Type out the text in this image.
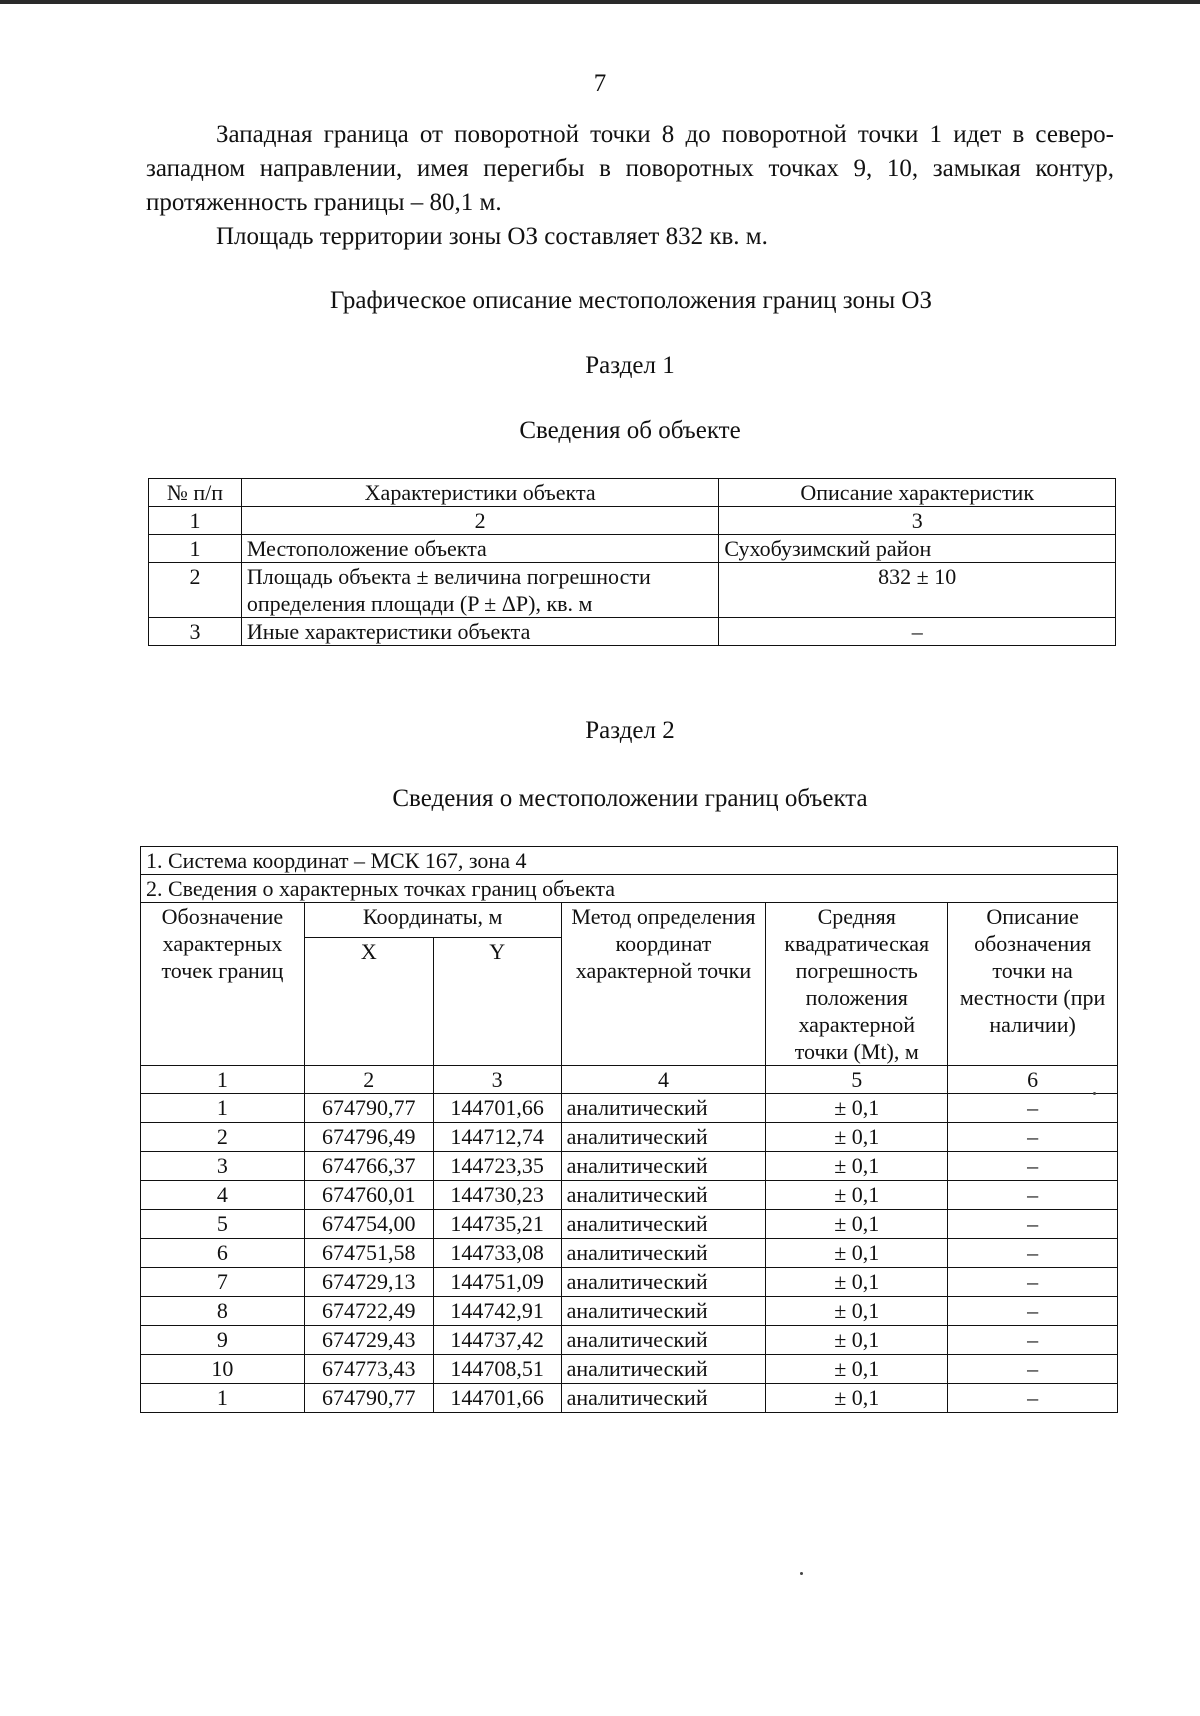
7
Западная граница от поворотной точки 8 до поворотной точки 1 идет в северо-западном направлении, имея перегибы в поворотных точках 9, 10, замыкая контур, протяженность границы – 80,1 м.
Площадь территории зоны ОЗ составляет 832 кв. м.
Графическое описание местоположения границ зоны ОЗ
Раздел 1
Сведения об объекте
№ п/п	Характеристики объекта	Описание характеристик
1	2	3
1	Местоположение объекта	Сухобузимский район
2	Площадь объекта ± величина погрешности определения площади (P ± ΔP), кв. м	832 ± 10
3	Иные характеристики объекта	–
Раздел 2
Сведения о местоположении границ объекта
1. Система координат – МСК 167, зона 4					
2. Сведения о характерных точках границ объекта					
Обозначение характерных точек границ	Координаты, м		Метод определения координат характерной точки	Средняя квадратическая погрешность положения характерной точки (Mt), м	Описание обозначения точки на местности (при наличии)
	X	Y			
1	2	3	4	5	6
1	674790,77	144701,66	аналитический	± 0,1	–
2	674796,49	144712,74	аналитический	± 0,1	–
3	674766,37	144723,35	аналитический	± 0,1	–
4	674760,01	144730,23	аналитический	± 0,1	–
5	674754,00	144735,21	аналитический	± 0,1	–
6	674751,58	144733,08	аналитический	± 0,1	–
7	674729,13	144751,09	аналитический	± 0,1	–
8	674722,49	144742,91	аналитический	± 0,1	–
9	674729,43	144737,42	аналитический	± 0,1	–
10	674773,43	144708,51	аналитический	± 0,1	–
1	674790,77	144701,66	аналитический	± 0,1	–
